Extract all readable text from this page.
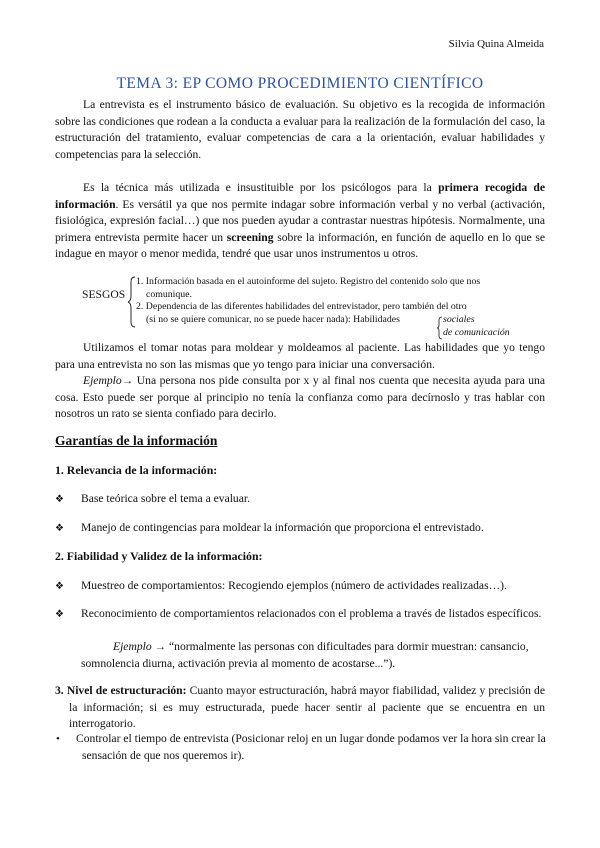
Silvia Quina Almeida
TEMA 3: EP COMO PROCEDIMIENTO CIENTÍFICO

La entrevista es el instrumento básico de evaluación. Su objetivo es la recogida de información sobre las condiciones que rodean a la conducta a evaluar para la realización de la formulación del caso, la estructuración del tratamiento, evaluar competencias de cara a la orientación, evaluar habilidades y competencias para la selección.

Es la técnica más utilizada e insustituible por los psicólogos para la primera recogida de información. Es versátil ya que nos permite indagar sobre información verbal y no verbal (activación, fisiológica, expresión facial…) que nos pueden ayudar a contrastar nuestras hipótesis. Normalmente, una primera entrevista permite hacer un screening sobre la información, en función de aquello en lo que se indague en mayor o menor medida, tendré que usar unos instrumentos u otros.

SESGOS
1. Información basada en el autoinforme del sujeto. Registro del contenido solo que nos
comunique.
2. Dependencia de las diferentes habilidades del entrevistador, pero también del otro
(si no se quiere comunicar, no se puede hacer nada): Habilidades	sociales
de comunicación

Utilizamos el tomar notas para moldear y moldeamos al paciente. Las habilidades que yo tengo para una entrevista no son las mismas que yo tengo para iniciar una conversación.

Ejemplo→ Una persona nos pide consulta por x y al final nos cuenta que necesita ayuda para una cosa. Esto puede ser porque al principio no tenía la confianza como para decírnoslo y tras hablar con nosotros un rato se sienta confiado para decirlo.

Garantías de la información
1. Relevancia de la información:
❖ Base teórica sobre el tema a evaluar.
❖ Manejo de contingencias para moldear la información que proporciona el entrevistado.
2. Fiabilidad y Validez de la información:
❖ Muestreo de comportamientos: Recogiendo ejemplos (número de actividades realizadas…).
❖ Reconocimiento de comportamientos relacionados con el problema a través de listados específicos.
Ejemplo → “normalmente las personas con dificultades para dormir muestran: cansancio, somnolencia diurna, activación previa al momento de acostarse...”).
3. Nivel de estructuración: Cuanto mayor estructuración, habrá mayor fiabilidad, validez y precisión de la información; si es muy estructurada, puede hacer sentir al paciente que se encuentra en un interrogatorio.
• Controlar el tiempo de entrevista (Posicionar reloj en un lugar donde podamos ver la hora sin crear la sensación de que nos queremos ir).
